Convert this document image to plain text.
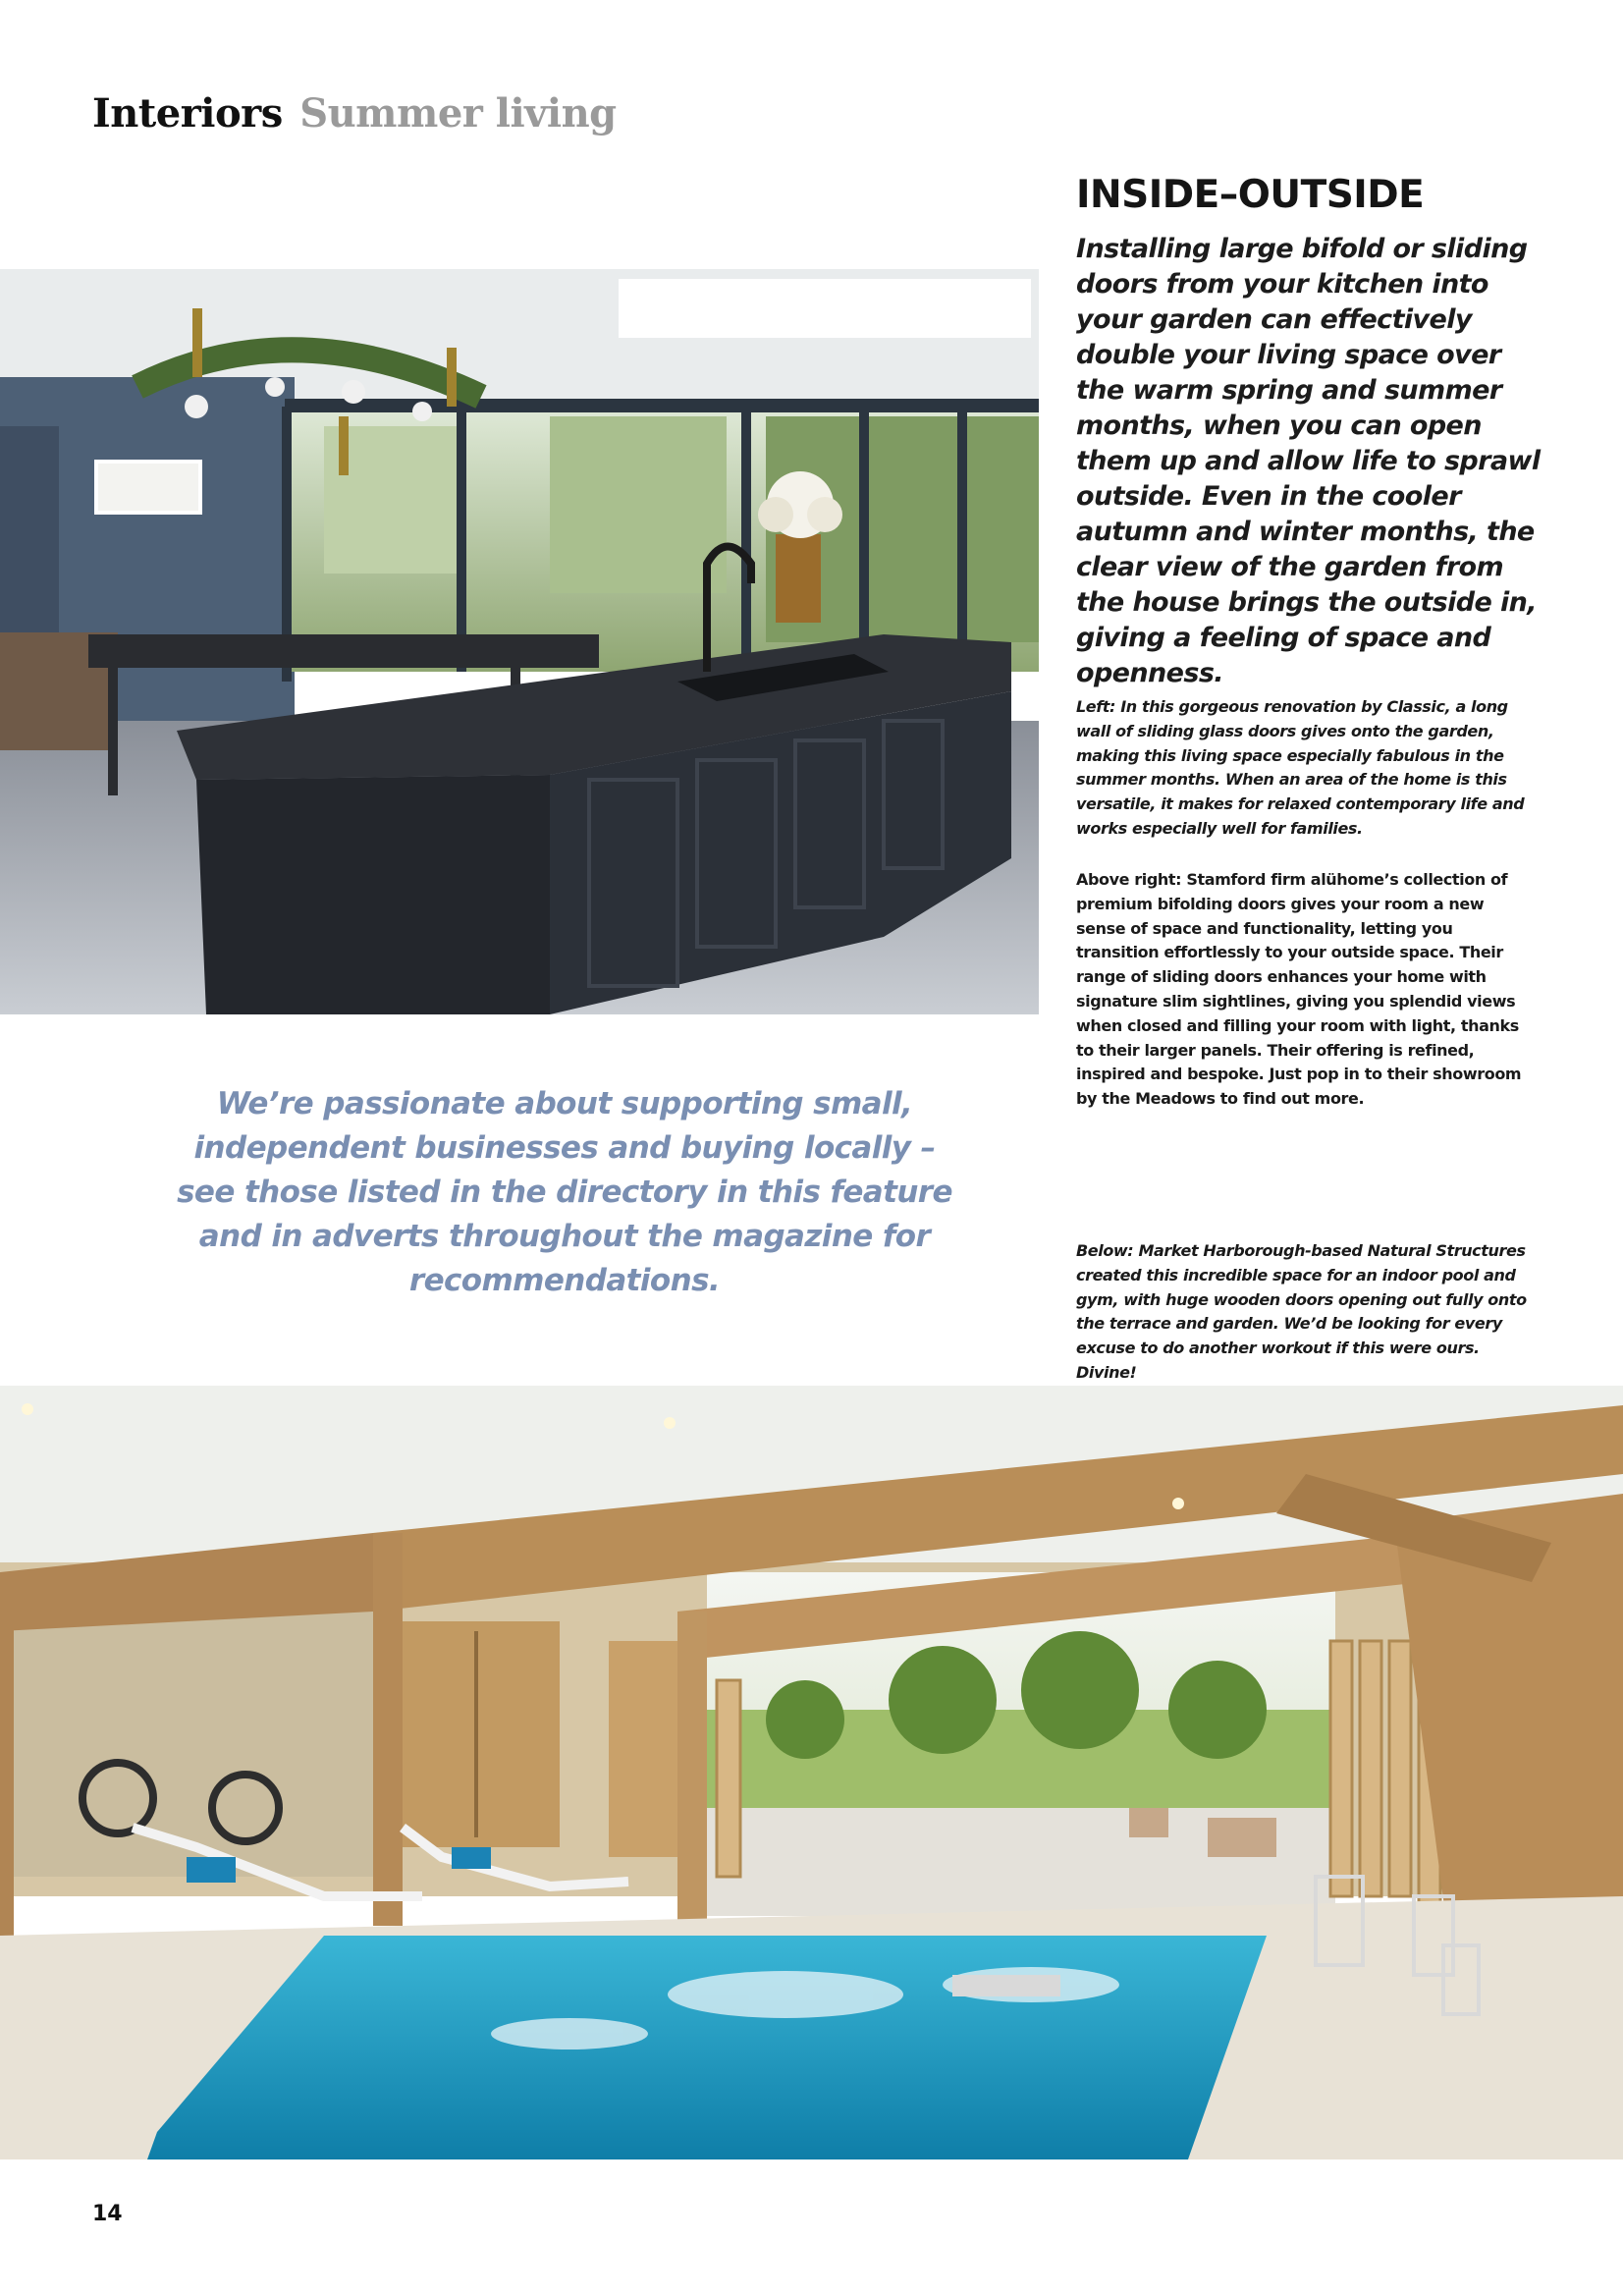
Interiors Summer living
INSIDE–OUTSIDE

Installing large bifold or sliding doors from your kitchen into your garden can effectively double your living space over the warm spring and summer months, when you can open them up and allow life to sprawl outside. Even in the cooler autumn and winter months, the clear view of the garden from the house brings the outside in, giving a feeling of space and openness.

Left: In this gorgeous renovation by Classic, a long wall of sliding glass doors gives onto the garden, making this living space especially fabulous in the summer months. When an area of the home is this versatile, it makes for relaxed contemporary life and works especially well for families.

Above right: Stamford firm alühome’s collection of premium bifolding doors gives your room a new sense of space and functionality, letting you transition effortlessly to your outside space. Their range of sliding doors enhances your home with signature slim sightlines, giving you splendid views when closed and filling your room with light, thanks to their larger panels. Their offering is refined, inspired and bespoke. Just pop in to their showroom by the Meadows to find out more.

Below: Market Harborough-based Natural Structures created this incredible space for an indoor pool and gym, with huge wooden doors opening out fully onto the terrace and garden. We’d be looking for every excuse to do another workout if this were ours. Divine!

We’re passionate about supporting small, independent businesses and buying locally – see those listed in the directory in this feature and in adverts throughout the magazine for recommendations.

14
